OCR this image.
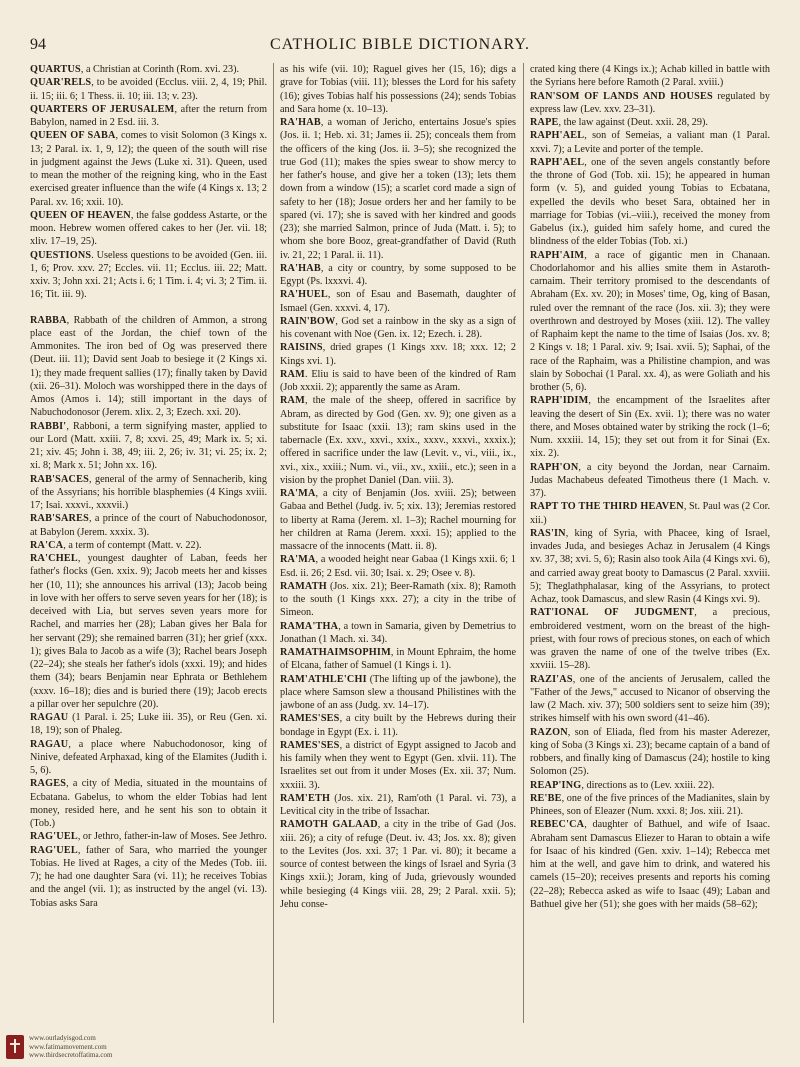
94	CATHOLIC BIBLE DICTIONARY.

QUARTUS, a Christian at Corinth (Rom. xvi. 23).

QUAR'RELS, to be avoided (Ecclus. viii. 2, 4, 19; Phil. ii. 15; iii. 6; 1 Thess. ii. 10; iii. 13; v. 23).

QUARTERS OF JERUSALEM, after the return from Babylon, named in 2 Esd. iii. 3.

QUEEN OF SABA, comes to visit Solomon (3 Kings x. 13; 2 Paral. ix. 1, 9, 12); the queen of the south will rise in judgment against the Jews (Luke xi. 31). Queen, used to mean the mother of the reigning king, who in the East exercised greater influence than the wife (4 Kings x. 13; 2 Paral. xv. 16; xxii. 10).

QUEEN OF HEAVEN, the false goddess Astarte, or the moon. Hebrew women offered cakes to her (Jer. vii. 18; xliv. 17–19, 25).

QUESTIONS. Useless questions to be avoided (Gen. iii. 1, 6; Prov. xxv. 27; Eccles. vii. 11; Ecclus. iii. 22; Matt. xxiv. 3; John xxi. 21; Acts i. 6; 1 Tim. i. 4; vi. 3; 2 Tim. ii. 16; Tit. iii. 9).

RABBA, Rabbath of the children of Ammon, a strong place east of the Jordan, the chief town of the Ammonites. The iron bed of Og was preserved there (Deut. iii. 11); David sent Joab to besiege it (2 Kings xi. 1); they made frequent sallies (17); finally taken by David (xii. 26–31). Moloch was worshipped there in the days of Amos (Amos i. 14); still important in the days of Nabuchodonosor (Jerem. xlix. 2, 3; Ezech. xxi. 20).

RABBI', Rabboni, a term signifying master, applied to our Lord (Matt. xxiii. 7, 8; xxvi. 25, 49; Mark ix. 5; xi. 21; xiv. 45; John i. 38, 49; iii. 2, 26; iv. 31; vi. 25; ix. 2; xi. 8; Mark x. 51; John xx. 16).

RAB'SACES, general of the army of Sennacherib, king of the Assyrians; his horrible blasphemies (4 Kings xviii. 17; Isai. xxxvi., xxxvii.)

RAB'SARES, a prince of the court of Nabuchodonosor, at Babylon (Jerem. xxxix. 3).

RA'CA, a term of contempt (Matt. v. 22).

RA'CHEL, youngest daughter of Laban, feeds her father's flocks (Gen. xxix. 9); Jacob meets her and kisses her (10, 11); she announces his arrival (13); Jacob being in love with her offers to serve seven years for her (18); is deceived with Lia, but serves seven years more for Rachel, and marries her (28); Laban gives her Bala for her servant (29); she remained barren (31); her grief (xxx. 1); gives Bala to Jacob as a wife (3); Rachel bears Joseph (22–24); she steals her father's idols (xxxi. 19); and hides them (34); bears Benjamin near Ephrata or Bethlehem (xxxv. 16–18); dies and is buried there (19); Jacob erects a pillar over her sepulchre (20).

RAGAU (1 Paral. i. 25; Luke iii. 35), or Reu (Gen. xi. 18, 19); son of Phaleg.

RAGAU, a place where Nabuchodonosor, king of Ninive, defeated Arphaxad, king of the Elamites (Judith i. 5, 6).

RAGES, a city of Media, situated in the mountains of Ecbatana. Gabelus, to whom the elder Tobias had lent money, resided here, and he sent his son to obtain it (Tob.)

RAG'UEL, or Jethro, father-in-law of Moses. See Jethro.

RAG'UEL, father of Sara, who married the younger Tobias. He lived at Rages, a city of the Medes (Tob. iii. 7); he had one daughter Sara (vi. 11); he receives Tobias and the angel (vii. 1); as instructed by the angel (vi. 13). Tobias asks Sara

as his wife (vii. 10); Raguel gives her (15, 16); digs a grave for Tobias (viii. 11); blesses the Lord for his safety (16); gives Tobias half his possessions (24); sends Tobias and Sara home (x. 10–13).

RA'HAB, a woman of Jericho, entertains Josue's spies (Jos. ii. 1; Heb. xi. 31; James ii. 25); conceals them from the officers of the king (Jos. ii. 3–5); she recognized the true God (11); makes the spies swear to show mercy to her father's house, and give her a token (13); lets them down from a window (15); a scarlet cord made a sign of safety to her (18); Josue orders her and her family to be spared (vi. 17); she is saved with her kindred and goods (23); she married Salmon, prince of Juda (Matt. i. 5); to whom she bore Booz, great-grandfather of David (Ruth iv. 21, 22; 1 Paral. ii. 11).

RA'HAB, a city or country, by some supposed to be Egypt (Ps. lxxxvi. 4).

RA'HUEL, son of Esau and Basemath, daughter of Ismael (Gen. xxxvi. 4, 17).

RAIN'BOW, God set a rainbow in the sky as a sign of his covenant with Noe (Gen. ix. 12; Ezech. i. 28).

RAISINS, dried grapes (1 Kings xxv. 18; xxx. 12; 2 Kings xvi. 1).

RAM. Eliu is said to have been of the kindred of Ram (Job xxxii. 2); apparently the same as Aram.

RAM, the male of the sheep, offered in sacrifice by Abram, as directed by God (Gen. xv. 9); one given as a substitute for Isaac (xxii. 13); ram skins used in the tabernacle (Ex. xxv., xxvi., xxix., xxxv., xxxvi., xxxix.); offered in sacrifice under the law (Levit. v., vi., viii., ix., xvi., xix., xxiii.; Num. vi., vii., xv., xxiii., etc.); seen in a vision by the prophet Daniel (Dan. viii. 3).

RA'MA, a city of Benjamin (Jos. xviii. 25); between Gabaa and Bethel (Judg. iv. 5; xix. 13); Jeremias restored to liberty at Rama (Jerem. xl. 1–3); Rachel mourning for her children at Rama (Jerem. xxxi. 15); applied to the massacre of the innocents (Matt. ii. 8).

RA'MA, a wooded height near Gabaa (1 Kings xxii. 6; 1 Esd. ii. 26; 2 Esd. vii. 30; Isai. x. 29; Osee v. 8).

RAMATH (Jos. xix. 21); Beer-Ramath (xix. 8); Ramoth to the south (1 Kings xxx. 27); a city in the tribe of Simeon.

RAMA'THA, a town in Samaria, given by Demetrius to Jonathan (1 Mach. xi. 34).

RAMATHAIMSOPHIM, in Mount Ephraim, the home of Elcana, father of Samuel (1 Kings i. 1).

RAM'ATHLE'CHI (The lifting up of the jawbone), the place where Samson slew a thousand Philistines with the jawbone of an ass (Judg. xv. 14–17).

RAMES'SES, a city built by the Hebrews during their bondage in Egypt (Ex. i. 11).

RAMES'SES, a district of Egypt assigned to Jacob and his family when they went to Egypt (Gen. xlvii. 11). The Israelites set out from it under Moses (Ex. xii. 37; Num. xxxiii. 3).

RAM'ETH (Jos. xix. 21), Ram'oth (1 Paral. vi. 73), a Levitical city in the tribe of Issachar.

RAMOTH GALAAD, a city in the tribe of Gad (Jos. xiii. 26); a city of refuge (Deut. iv. 43; Jos. xx. 8); given to the Levites (Jos. xxi. 37; 1 Par. vi. 80); it became a source of contest between the kings of Israel and Syria (3 Kings xxii.); Joram, king of Juda, grievously wounded while besieging (4 Kings viii. 28, 29; 2 Paral. xxii. 5); Jehu conse-

crated king there (4 Kings ix.); Achab killed in battle with the Syrians here before Ramoth (2 Paral. xviii.)

RAN'SOM OF LANDS AND HOUSES regulated by express law (Lev. xxv. 23–31).

RAPE, the law against (Deut. xxii. 28, 29).

RAPH'AEL, son of Semeias, a valiant man (1 Paral. xxvi. 7); a Levite and porter of the temple.

RAPH'AEL, one of the seven angels constantly before the throne of God (Tob. xii. 15); he appeared in human form (v. 5), and guided young Tobias to Ecbatana, expelled the devils who beset Sara, obtained her in marriage for Tobias (vi.–viii.), received the money from Gabelus (ix.), guided him safely home, and cured the blindness of the elder Tobias (Tob. xi.)

RAPH'AIM, a race of gigantic men in Chanaan. Chodorlahomor and his allies smite them in Astaroth-carnaim. Their territory promised to the descendants of Abraham (Ex. xv. 20); in Moses' time, Og, king of Basan, ruled over the remnant of the race (Jos. xii. 3); they were overthrown and destroyed by Moses (xiii. 12). The valley of Raphaim kept the name to the time of Isaias (Jos. xv. 8; 2 Kings v. 18; 1 Paral. xiv. 9; Isai. xvii. 5); Saphai, of the race of the Raphaim, was a Philistine champion, and was slain by Sobochai (1 Paral. xx. 4), as were Goliath and his brother (5, 6).

RAPH'IDIM, the encampment of the Israelites after leaving the desert of Sin (Ex. xvii. 1); there was no water there, and Moses obtained water by striking the rock (1–6; Num. xxxiii. 14, 15); they set out from it for Sinai (Ex. xix. 2).

RAPH'ON, a city beyond the Jordan, near Carnaim. Judas Machabeus defeated Timotheus there (1 Mach. v. 37).

RAPT TO THE THIRD HEAVEN, St. Paul was (2 Cor. xii.)

RAS'IN, king of Syria, with Phacee, king of Israel, invades Juda, and besieges Achaz in Jerusalem (4 Kings xv. 37, 38; xvi. 5, 6); Rasin also took Aila (4 Kings xvi. 6), and carried away great booty to Damascus (2 Paral. xxviii. 5); Theglathphalasar, king of the Assyrians, to protect Achaz, took Damascus, and slew Rasin (4 Kings xvi. 9).

RAT'IONAL OF JUDGMENT, a precious, embroidered vestment, worn on the breast of the high-priest, with four rows of precious stones, on each of which was graven the name of one of the twelve tribes (Ex. xxviii. 15–28).

RAZI'AS, one of the ancients of Jerusalem, called the "Father of the Jews," accused to Nicanor of observing the law (2 Mach. xiv. 37); 500 soldiers sent to seize him (39); strikes himself with his own sword (41–46).

RAZON, son of Eliada, fled from his master Aderezer, king of Soba (3 Kings xi. 23); became captain of a band of robbers, and finally king of Damascus (24); hostile to king Solomon (25).

REAP'ING, directions as to (Lev. xxiii. 22).

RE'BE, one of the five princes of the Madianites, slain by Phinees, son of Eleazer (Num. xxxi. 8; Jos. xiii. 21).

REBEC'CA, daughter of Bathuel, and wife of Isaac. Abraham sent Damascus Eliezer to Haran to obtain a wife for Isaac of his kindred (Gen. xxiv. 1–14); Rebecca met him at the well, and gave him to drink, and watered his camels (15–20); receives presents and reports his coming (22–28); Rebecca asked as wife to Isaac (49); Laban and Bathuel give her (51); she goes with her maids (58–62);

www.ourladyisgod.com
www.fatimamovement.com
www.thirdsecretoffatima.com
